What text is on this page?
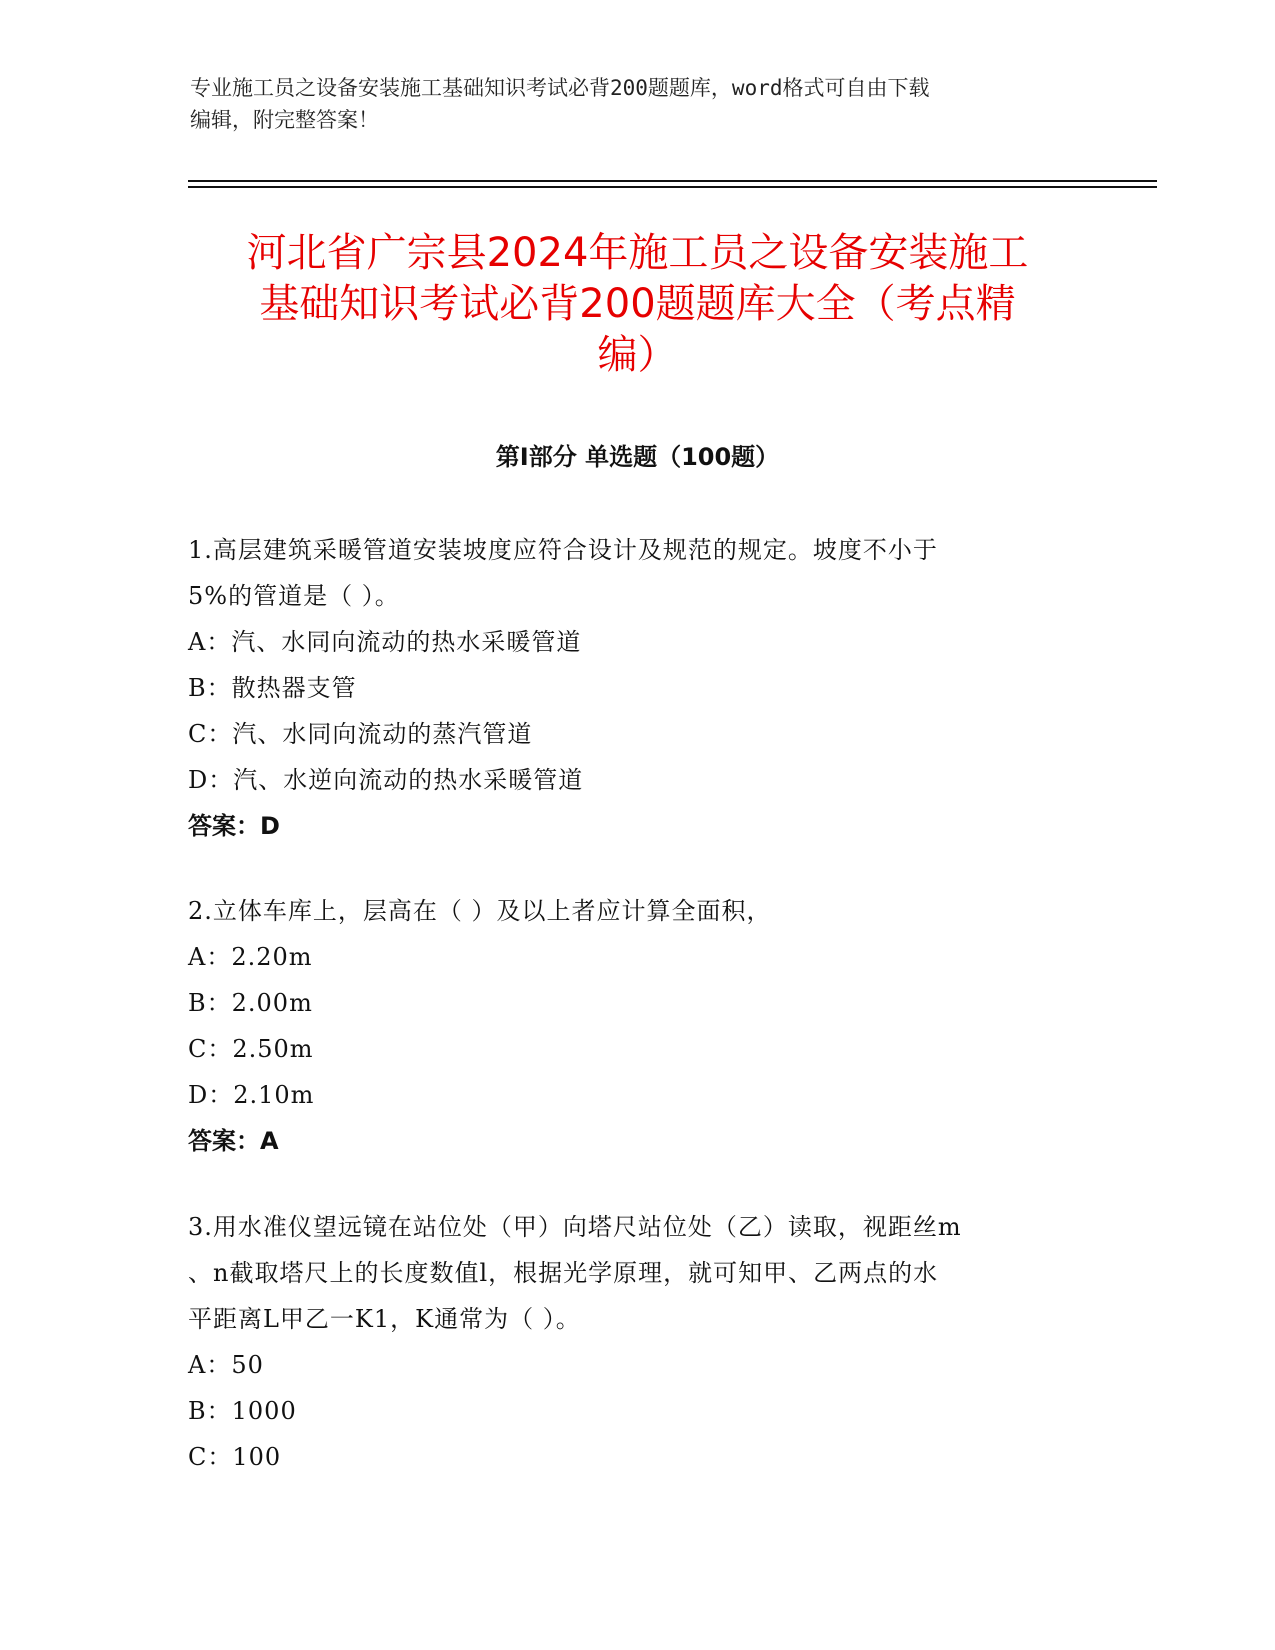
专业施工员之设备安装施工基础知识考试必背200题题库，word格式可自由下载
编辑，附完整答案！
河北省广宗县2024年施工员之设备安装施工
基础知识考试必背200题题库大全（考点精
编）
第Ⅰ部分 单选题（100题）

1.高层建筑采暖管道安装坡度应符合设计及规范的规定。坡度不小于

5%的管道是（ ）。

A：汽、水同向流动的热水采暖管道

B：散热器支管

C：汽、水同向流动的蒸汽管道

D：汽、水逆向流动的热水采暖管道

答案：D

2.立体车库上，层高在（ ）及以上者应计算全面积，

A：2.20m

B：2.00m

C：2.50m

D：2.10m

答案：A

3.用水准仪望远镜在站位处（甲）向塔尺站位处（乙）读取，视距丝m

、n截取塔尺上的长度数值l，根据光学原理，就可知甲、乙两点的水

平距离L甲乙一K1，K通常为（ ）。

A：50

B：1000

C：100
